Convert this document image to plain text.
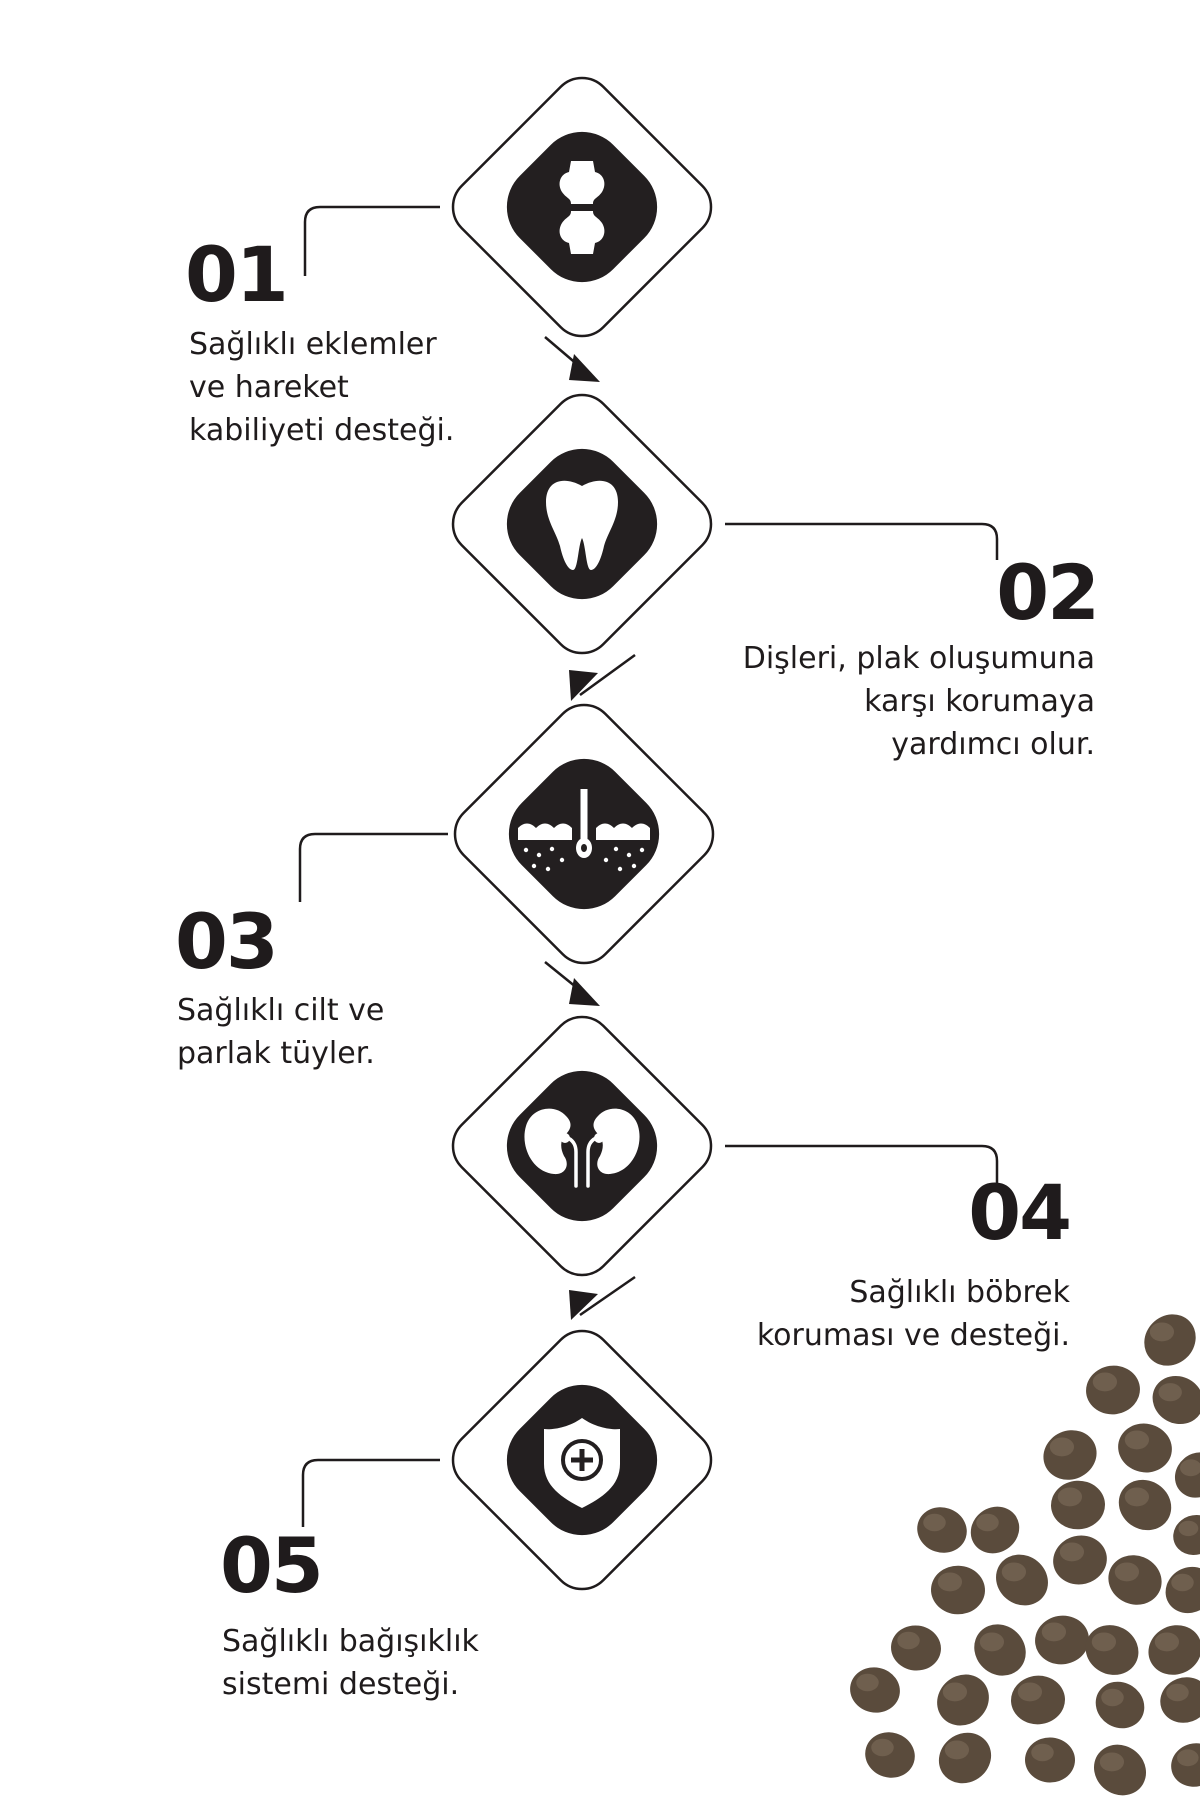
01

Sağlıklı eklemler
ve hareket
kabiliyeti desteği.

02

Dişleri, plak oluşumuna
karşı korumaya
yardımcı olur.

03

Sağlıklı cilt ve
parlak tüyler.

04

Sağlıklı böbrek
koruması ve desteği.

05

Sağlıklı bağışıklık
sistemi desteği.
